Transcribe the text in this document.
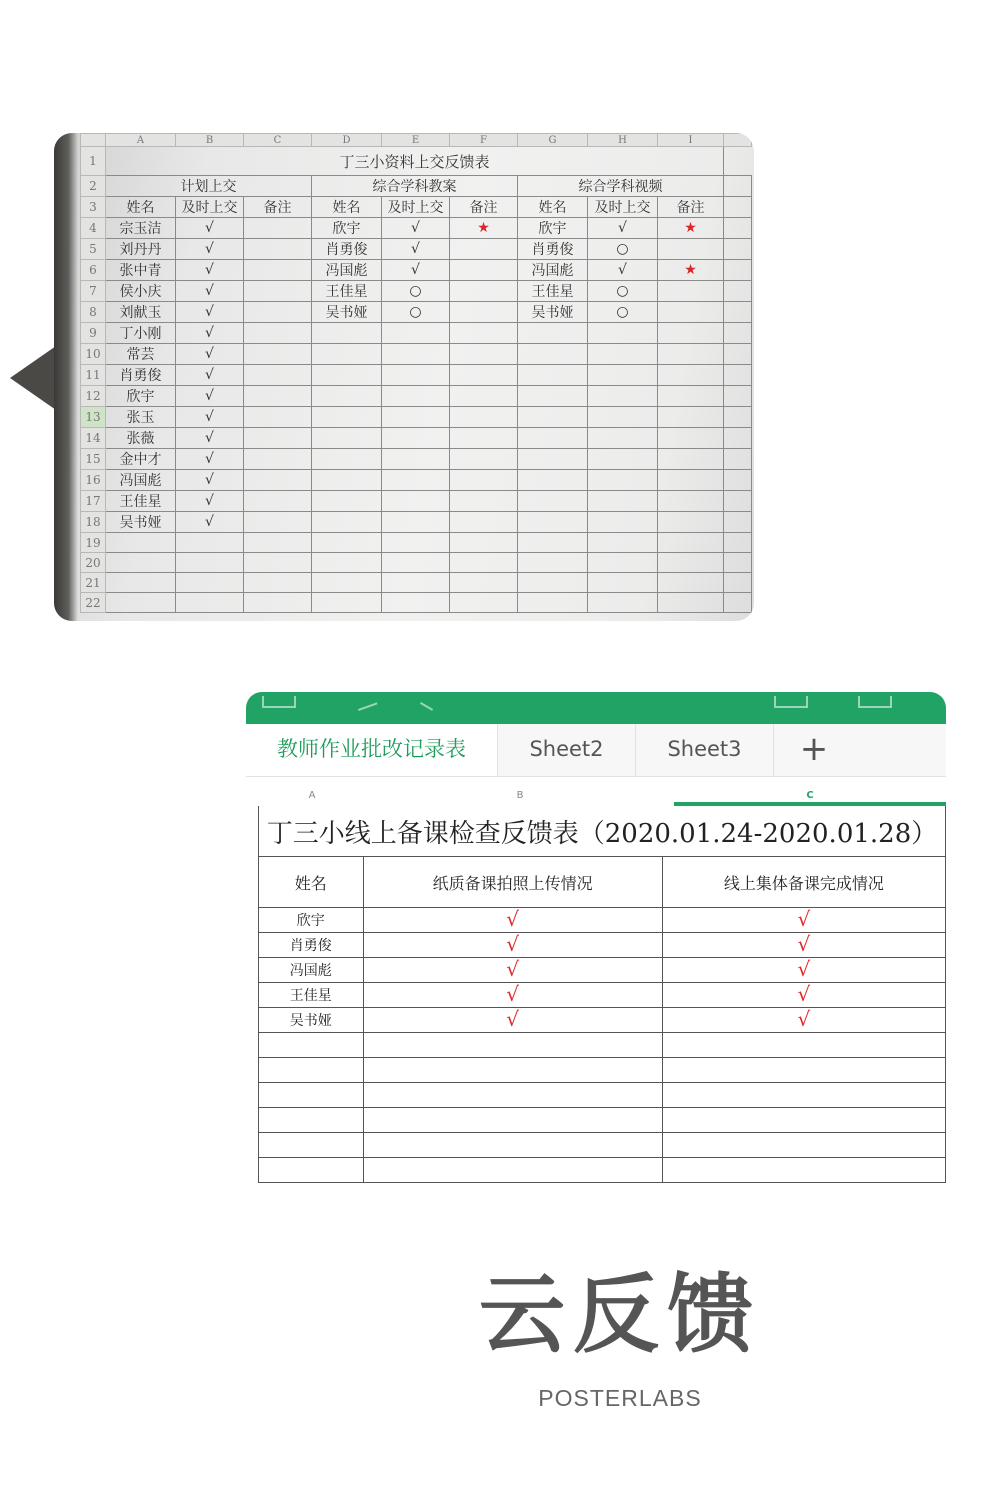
	A	B	C	D	E	F	G	H	I	
1	丁三小资料上交反馈表									
2	计划上交			综合学科教案			综合学科视频			
3	姓名	及时上交	备注	姓名	及时上交	备注	姓名	及时上交	备注	
4	宗玉洁	√		欣宇	√	★	欣宇	√	★	
5	刘丹丹	√		肖勇俊	√		肖勇俊	○		
6	张中青	√		冯国彪	√		冯国彪	√	★	
7	侯小庆	√		王佳星	○		王佳星	○		
8	刘献玉	√		吴书娅	○		吴书娅	○		
9	丁小刚	√								
10	常芸	√								
11	肖勇俊	√								
12	欣宇	√								
13	张玉	√								
14	张薇	√								
15	金中才	√								
16	冯国彪	√								
17	王佳星	√								
18	吴书娅	√								
19										
20										
21										
22										
教师作业批改记录表	Sheet2	Sheet3	+
A	B	C
丁三小线上备课检查反馈表（2020.01.24-2020.01.28）		
姓名	纸质备课拍照上传情况	线上集体备课完成情况
欣宇	√	√
肖勇俊	√	√
冯国彪	√	√
王佳星	√	√
吴书娅	√	√

云反馈
POSTERLABS
